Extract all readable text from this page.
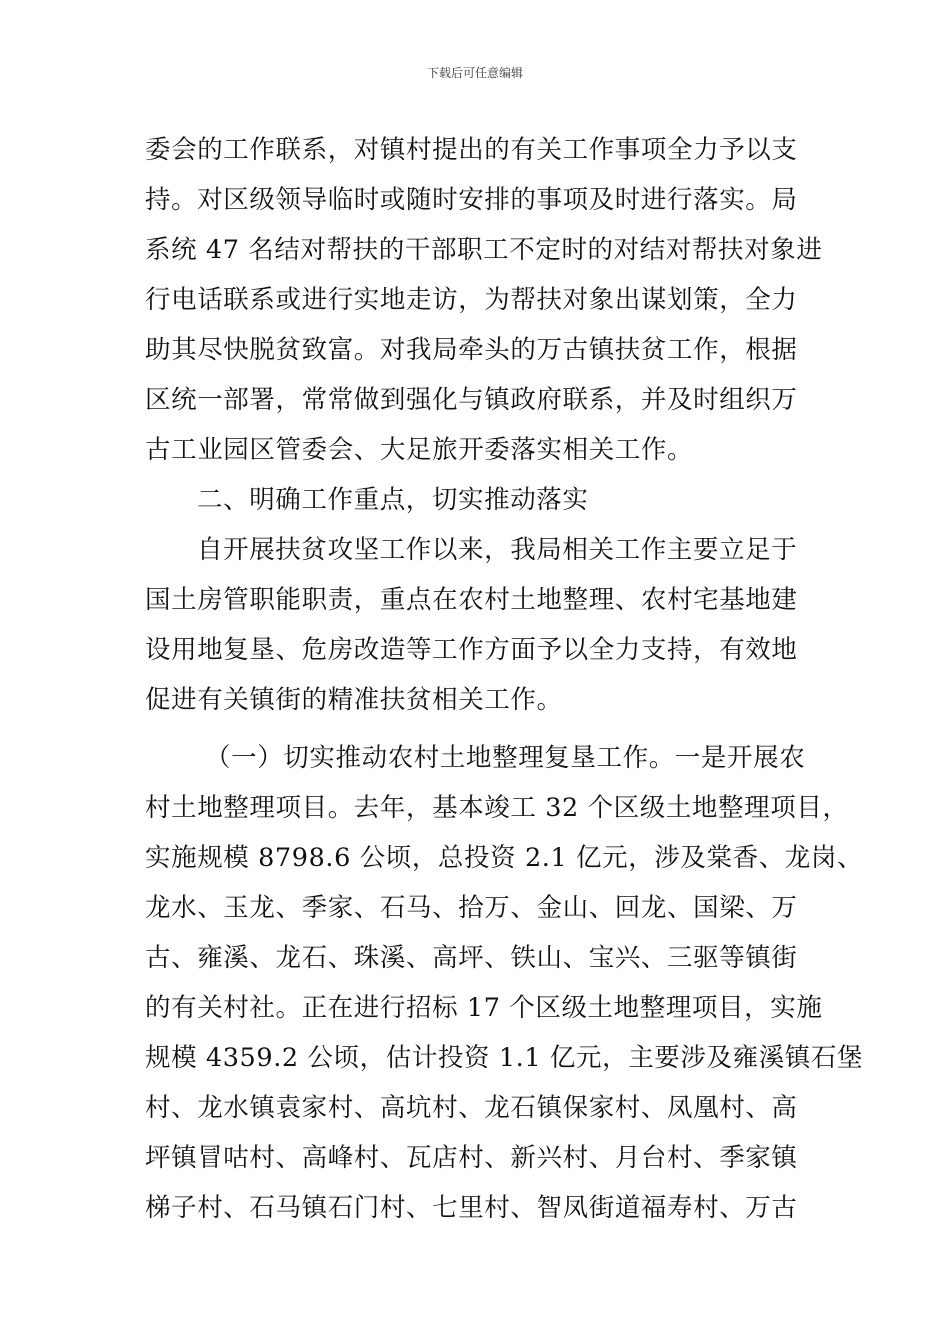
下载后可任意编辑
委会的工作联系，对镇村提出的有关工作事项全力予以支
持。对区级领导临时或随时安排的事项及时进行落实。局
系统 47 名结对帮扶的干部职工不定时的对结对帮扶对象进
行电话联系或进行实地走访，为帮扶对象出谋划策，全力
助其尽快脱贫致富。对我局牵头的万古镇扶贫工作，根据
区统一部署，常常做到强化与镇政府联系，并及时组织万
古工业园区管委会、大足旅开委落实相关工作。
二、明确工作重点，切实推动落实
自开展扶贫攻坚工作以来，我局相关工作主要立足于
国土房管职能职责，重点在农村土地整理、农村宅基地建
设用地复垦、危房改造等工作方面予以全力支持，有效地
促进有关镇街的精准扶贫相关工作。
（一）切实推动农村土地整理复垦工作。一是开展农
村土地整理项目。去年，基本竣工 32 个区级土地整理项目，
实施规模 8798.6 公顷，总投资 2.1 亿元，涉及棠香、龙岗、
龙水、玉龙、季家、石马、拾万、金山、回龙、国梁、万
古、雍溪、龙石、珠溪、高坪、铁山、宝兴、三驱等镇街
的有关村社。正在进行招标 17 个区级土地整理项目，实施
规模 4359.2 公顷，估计投资 1.1 亿元，主要涉及雍溪镇石堡
村、龙水镇袁家村、高坑村、龙石镇保家村、凤凰村、高
坪镇冒咕村、高峰村、瓦店村、新兴村、月台村、季家镇
梯子村、石马镇石门村、七里村、智凤街道福寿村、万古
